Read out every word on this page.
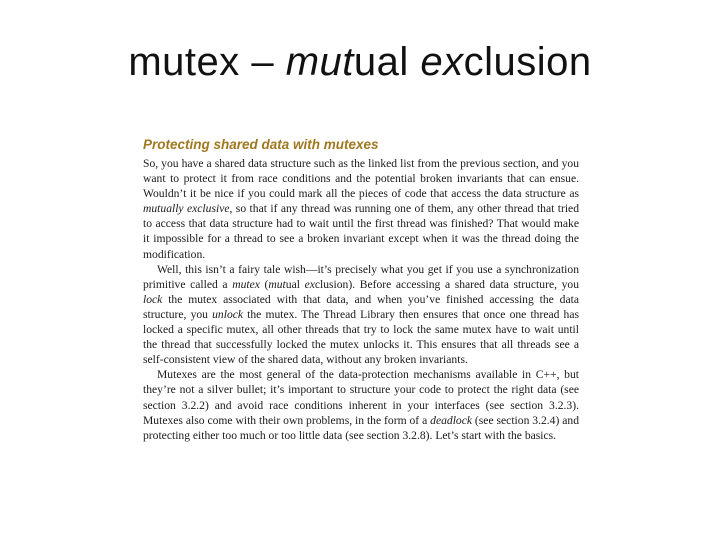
mutex – mutual exclusion
Protecting shared data with mutexes

So, you have a shared data structure such as the linked list from the previous section, and you want to protect it from race conditions and the potential broken invariants that can ensue. Wouldn’t it be nice if you could mark all the pieces of code that access the data structure as mutually exclusive, so that if any thread was running one of them, any other thread that tried to access that data structure had to wait until the first thread was finished? That would make it impossible for a thread to see a broken invariant except when it was the thread doing the modification.

Well, this isn’t a fairy tale wish—it’s precisely what you get if you use a synchronization primitive called a mutex (mutual exclusion). Before accessing a shared data structure, you lock the mutex associated with that data, and when you’ve finished accessing the data structure, you unlock the mutex. The Thread Library then ensures that once one thread has locked a specific mutex, all other threads that try to lock the same mutex have to wait until the thread that successfully locked the mutex unlocks it. This ensures that all threads see a self-consistent view of the shared data, without any broken invariants.

Mutexes are the most general of the data-protection mechanisms available in C++, but they’re not a silver bullet; it’s important to structure your code to protect the right data (see section 3.2.2) and avoid race conditions inherent in your interfaces (see section 3.2.3). Mutexes also come with their own problems, in the form of a deadlock (see section 3.2.4) and protecting either too much or too little data (see section 3.2.8). Let’s start with the basics.
